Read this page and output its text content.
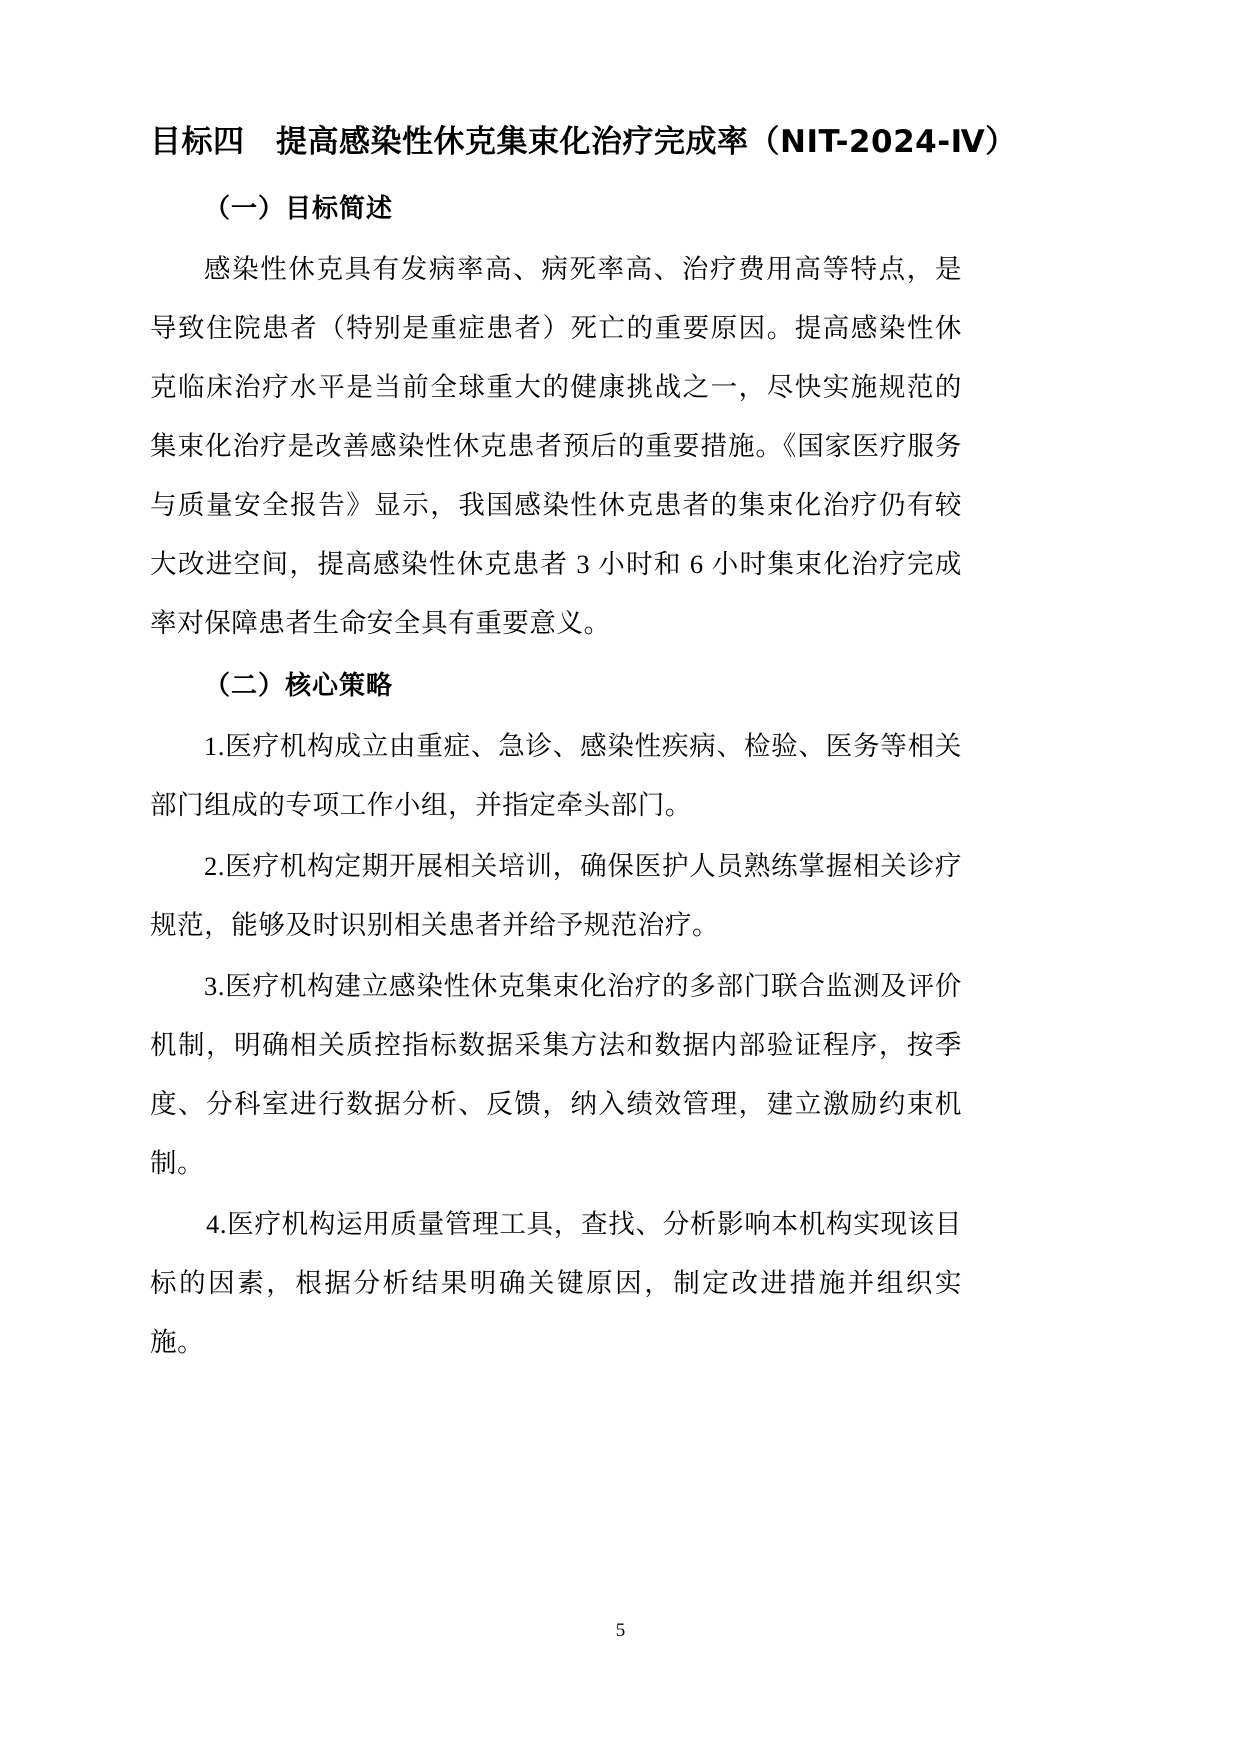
目标四　提高感染性休克集束化治疗完成率（NIT-2024-Ⅳ）
（一）目标简述

感染性休克具有发病率高、病死率高、治疗费用高等特点，是导致住院患者（特别是重症患者）死亡的重要原因。提高感染性休克临床治疗水平是当前全球重大的健康挑战之一，尽快实施规范的集束化治疗是改善感染性休克患者预后的重要措施。《国家医疗服务与质量安全报告》显示，我国感染性休克患者的集束化治疗仍有较大改进空间，提高感染性休克患者 3 小时和 6 小时集束化治疗完成率对保障患者生命安全具有重要意义。

（二）核心策略

1.医疗机构成立由重症、急诊、感染性疾病、检验、医务等相关部门组成的专项工作小组，并指定牵头部门。

2.医疗机构定期开展相关培训，确保医护人员熟练掌握相关诊疗规范，能够及时识别相关患者并给予规范治疗。

3.医疗机构建立感染性休克集束化治疗的多部门联合监测及评价机制，明确相关质控指标数据采集方法和数据内部验证程序，按季度、分科室进行数据分析、反馈，纳入绩效管理，建立激励约束机制。

4.医疗机构运用质量管理工具，查找、分析影响本机构实现该目标的因素，根据分析结果明确关键原因，制定改进措施并组织实施。

5
